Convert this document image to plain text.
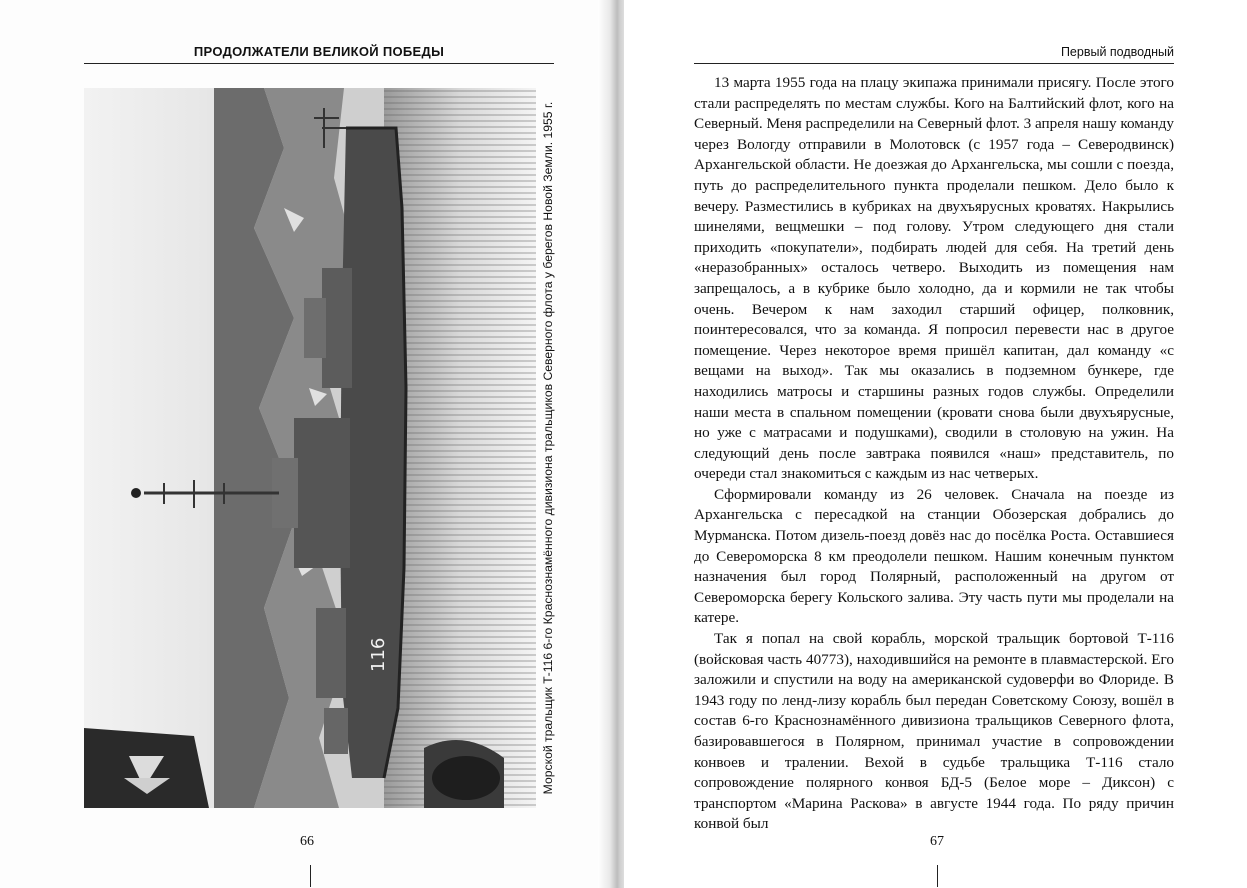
ПРОДОЛЖАТЕЛИ ВЕЛИКОЙ ПОБЕДЫ
116	Морской тральщик Т-116 6-го Краснознамённого дивизиона тральщиков Северного флота у берегов Новой Земли. 1955 г.
66
Первый подводный

13 марта 1955 года на плацу экипажа принимали присягу. После этого стали распределять по местам службы. Кого на Балтийский флот, кого на Северный. Меня распределили на Северный флот. 3 апреля нашу команду через Вологду отправили в Молотовск (с 1957 года – Северодвинск) Архангельской области. Не доезжая до Архангельска, мы сошли с поезда, путь до распределительного пункта проделали пешком. Дело было к вечеру. Разместились в кубриках на двухъярусных кроватях. Накрылись шинелями, вещмешки – под голову. Утром следующего дня стали приходить «покупатели», подбирать людей для себя. На третий день «неразобранных» осталось четверо. Выходить из помещения нам запрещалось, а в кубрике было холодно, да и кормили не так чтобы очень. Вечером к нам заходил старший офицер, полковник, поинтересовался, что за команда. Я попросил перевести нас в другое помещение. Через некоторое время пришёл капитан, дал команду «с вещами на выход». Так мы оказались в подземном бункере, где находились матросы и старшины разных годов службы. Определили наши места в спальном помещении (кровати снова были двухъярусные, но уже с матрасами и подушками), сводили в столовую на ужин. На следующий день после завтрака появился «наш» представитель, по очереди стал знакомиться с каждым из нас четверых.

Сформировали команду из 26 человек. Сначала на поезде из Архангельска с пересадкой на станции Обозерская добрались до Мурманска. Потом дизель-поезд довёз нас до посёлка Роста. Оставшиеся до Североморска 8 км преодолели пешком. Нашим конечным пунктом назначения был город Полярный, расположенный на другом от Североморска берегу Кольского залива. Эту часть пути мы проделали на катере.

Так я попал на свой корабль, морской тральщик бортовой Т-116 (войсковая часть 40773), находившийся на ремонте в плавмастерской. Его заложили и спустили на воду на американской судоверфи во Флориде. В 1943 году по ленд-лизу корабль был передан Советскому Союзу, вошёл в состав 6-го Краснознамённого дивизиона тральщиков Северного флота, базировавшегося в Полярном, принимал участие в сопровождении конвоев и тралении. Вехой в судьбе тральщика Т-116 стало сопровождение полярного конвоя БД-5 (Белое море – Диксон) с транспортом «Марина Раскова» в августе 1944 года. По ряду причин конвой был

67
